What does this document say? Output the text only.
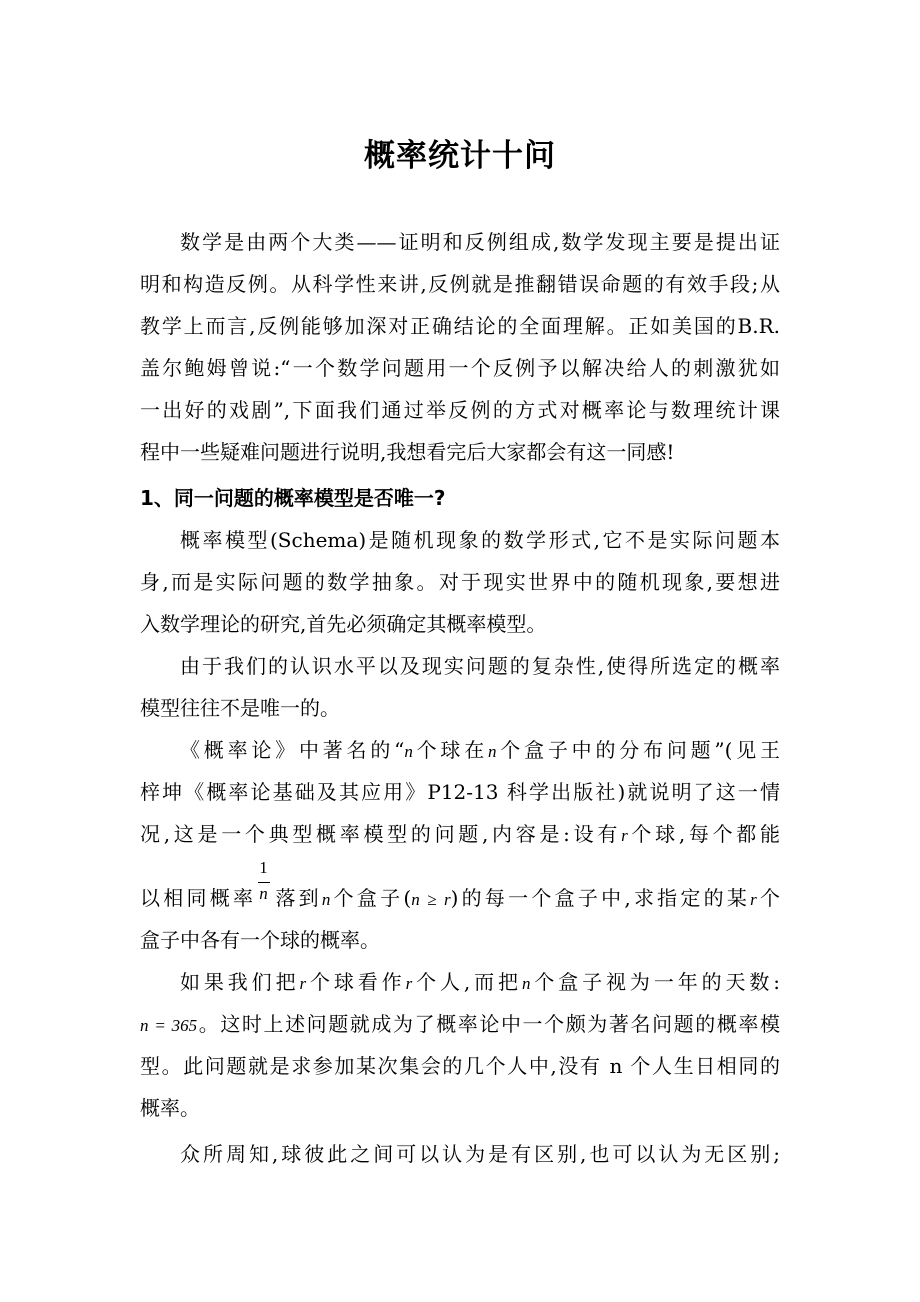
概率统计十问
数学是由两个大类——证明和反例组成,数学发现主要是提出证
明和构造反例。从科学性来讲,反例就是推翻错误命题的有效手段;从
教学上而言,反例能够加深对正确结论的全面理解。正如美国的B.R.
盖尔鲍姆曾说:“一个数学问题用一个反例予以解决给人的刺激犹如
一出好的戏剧”,下面我们通过举反例的方式对概率论与数理统计课
程中一些疑难问题进行说明,我想看完后大家都会有这一同感!
1、同一问题的概率模型是否唯一?
概率模型(Schema)是随机现象的数学形式,它不是实际问题本
身,而是实际问题的数学抽象。对于现实世界中的随机现象,要想进
入数学理论的研究,首先必须确定其概率模型。
由于我们的认识水平以及现实问题的复杂性,使得所选定的概率
模型往往不是唯一的。
《概率论》中著名的“n个球在n个盒子中的分布问题”(见王
梓坤《概率论基础及其应用》P12-13 科学出版社)就说明了这一情
况,这是一个典型概率模型的问题,内容是:设有r个球,每个都能
以相同概率 $\frac{1}{n}$ 落到n个盒子(n ≥ r)的每一个盒子中,求指定的某r个
盒子中各有一个球的概率。
如果我们把r个球看作r个人,而把n个盒子视为一年的天数:
n = 365。这时上述问题就成为了概率论中一个颇为著名问题的概率模
型。此问题就是求参加某次集会的几个人中,没有 n 个人生日相同的
概率。
众所周知,球彼此之间可以认为是有区别,也可以认为无区别;
